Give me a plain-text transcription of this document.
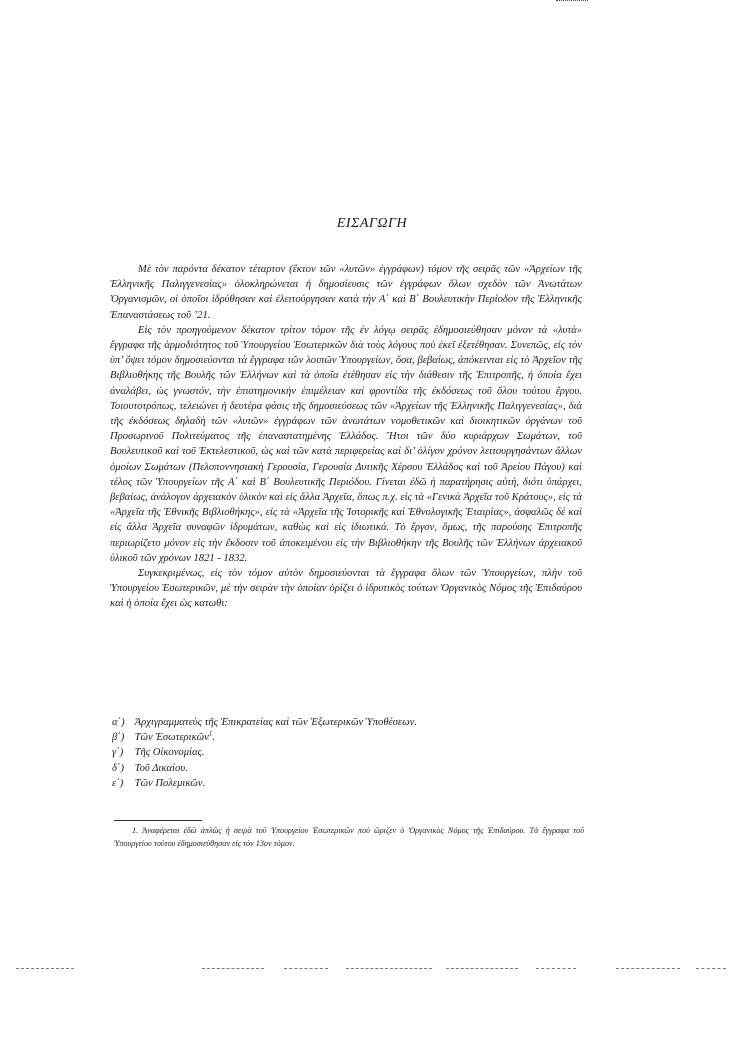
ΕΙΣΑΓΩΓΗ

Μὲ τὸν παρόντα δέκατον τέταρτον (ἕκτον τῶν «λυτῶν» ἐγγράφων) τόμον τῆς σειρᾶς τῶν «Ἀρχείων τῆς Ἑλληνικῆς Παλιγγενεσίας» ὁλοκληρώνεται ἡ δημοσίευσις τῶν ἐγγράφων ὅλων σχεδὸν τῶν Ἀνωτάτων Ὀργανισμῶν, οἱ ὁποῖοι ἱδρύθησαν καὶ ἐλειτούργησαν κατὰ τὴν Α΄ καὶ Β΄ Βουλευτικὴν Περίοδον τῆς Ἑλληνικῆς Ἐπαναστάσεως τοῦ ’21.

Εἰς τὸν προηγούμενον δέκατον τρίτον τόμον τῆς ἐν λόγῳ σειρᾶς ἐδημοσιεύθησαν μόνον τὰ «λυτὰ» ἔγγραφα τῆς ἁρμοδιότητος τοῦ Ὑπουργείου Ἐσωτερικῶν διὰ τοὺς λόγους ποὺ ἐκεῖ ἐξετέθησαν. Συνεπῶς, εἰς τὸν ὑπ’ ὄψει τόμον δημοσιεύονται τὰ ἔγγραφα τῶν λοιπῶν Ὑπουργείων, ὅσα, βεβαίως, ἀπόκεινται εἰς τὸ Ἀρχεῖον τῆς Βιβλιοθήκης τῆς Βουλῆς τῶν Ἑλλήνων καὶ τὰ ὁποῖα ἐτέθησαν εἰς τὴν διάθεσιν τῆς Ἐπιτροπῆς, ἡ ὁποία ἔχει ἀναλάβει, ὡς γνωστόν, τὴν ἐπιστημονικὴν ἐπιμέλειαν καὶ φροντίδα τῆς ἐκδόσεως τοῦ ὅλου τούτου ἔργου. Τοιουτοτρόπως, τελειώνει ἡ δευτέρα φάσις τῆς δημοσιεύσεως τῶν «Ἀρχείων τῆς Ἑλληνικῆς Παλιγγενεσίας», διὰ τῆς ἐκδόσεως δηλαδὴ τῶν «λυτῶν» ἐγγράφων τῶν ἀνωτάτων νομοθετικῶν καὶ διοικητικῶν ὀργάνων τοῦ Προσωρινοῦ Πολιτεύματος τῆς ἐπαναστατημένης Ἑλλάδος. Ἤτοι τῶν δύο κυριάρχων Σωμάτων, τοῦ Βουλευτικοῦ καὶ τοῦ Ἐκτελεστικοῦ, ὡς καὶ τῶν κατὰ περιφερείας καὶ δι’ ὀλίγον χρόνον λειτουργησάντων ἄλλων ὁμοίων Σωμάτων (Πελοποννησιακὴ Γερουσία, Γερουσία Δυτικῆς Χέρσου Ἑλλάδος καὶ τοῦ Ἀρείου Πάγου) καὶ τέλος τῶν Ὑπουργείων τῆς Α΄ καὶ Β΄ Βουλευτικῆς Περιόδου. Γίνεται ἐδῶ ἡ παρατήρησις αὐτή, διότι ὑπάρχει, βεβαίως, ἀνάλογον ἀρχειακὸν ὑλικὸν καὶ εἰς ἄλλα Ἀρχεῖα, ὅπως π.χ. εἰς τὰ «Γενικὰ Ἀρχεῖα τοῦ Κράτους», εἰς τὰ «Ἀρχεῖα τῆς Ἐθνικῆς Βιβλιοθήκης», εἰς τὰ «Ἀρχεῖα τῆς Ἱστορικῆς καὶ Ἐθνολογικῆς Ἑταιρίας», ἀσφαλῶς δὲ καὶ εἰς ἄλλα Ἀρχεῖα συναφῶν ἱδρυμάτων, καθὼς καὶ εἰς ἰδιωτικά. Τὸ ἔργον, ὅμως, τῆς παρούσης Ἐπιτροπῆς περιωρίζετο μόνον εἰς τὴν ἔκδοσιν τοῦ ἀποκειμένου εἰς τὴν Βιβλιοθήκην τῆς Βουλῆς τῶν Ἑλλήνων ἀρχειακοῦ ὑλικοῦ τῶν χρόνων 1821 - 1832.

Συγκεκριμένως, εἰς τὸν τόμον αὐτὸν δημοσιεύονται τὰ ἔγγραφα ὅλων τῶν Ὑπουργείων, πλὴν τοῦ Ὑπουργείου Ἐσωτερικῶν, μὲ τὴν σειρὰν τὴν ὁποίαν ὁρίζει ὁ ἱδρυτικὸς τούτων Ὀργανικὸς Νόμος τῆς Ἐπιδαύρου καὶ ἡ ὁποία ἔχει ὡς κατωθι:

α΄) Ἀρχιγραμματεὺς τῆς Ἐπικρατείας καὶ τῶν Ἐξωτερικῶν Ὑποθέσεων.
β΄) Τῶν Ἐσωτερικῶν$^1$.
γ΄) Τῆς Οἰκονομίας.
δ΄) Τοῦ Δικαίου.
ε΄) Τῶν Πολεμικῶν.

1. Ἀναφέρεται ἐδῶ ἁπλῶς ἡ σειρὰ τοῦ Ὑπουργείου Ἐσωτερικῶν ποὺ ὥριζεν ὁ Ὀργανικὸς Νόμος τῆς Ἐπιδαύρου. Τὰ ἔγγραφα τοῦ Ὑπουργείου τούτου ἐδημοσιεύθησαν εἰς τὸν 13ον τόμον.
